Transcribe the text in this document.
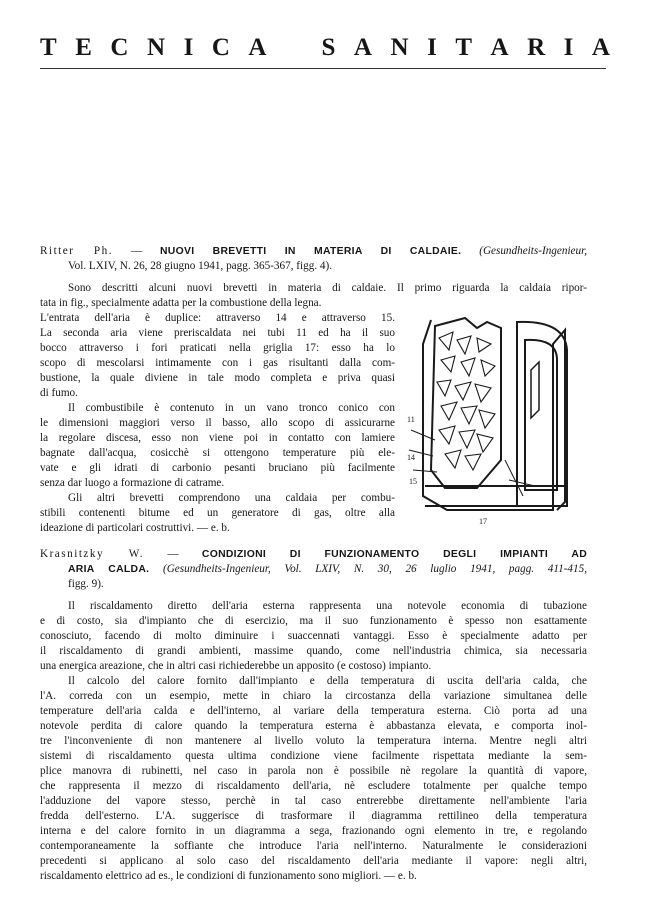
T E C N I C A S A N I T A R I A

Ritter Ph. — NUOVI BREVETTI IN MATERIA DI CALDAIE. (Gesundheits-Ingenieur,

Vol. LXIV, N. 26, 28 giugno 1941, pagg. 365-367, figg. 4).

Sono descritti alcuni nuovi brevetti in materia di caldaie. Il primo riguarda la caldaia ripor-

tata in fig., specialmente adatta per la combustione della legna.

L'entrata dell'aria è duplice: attraverso 14 e attraverso 15.

La seconda aria viene preriscaldata nei tubi 11 ed ha il suo

bocco attraverso i fori praticati nella griglia 17: esso ha lo

scopo di mescolarsi intimamente con i gas risultanti dalla com-

bustione, la quale diviene in tale modo completa e priva quasi

di fumo.

Il combustibile è contenuto in un vano tronco conico con

le dimensioni maggiori verso il basso, allo scopo di assicurarne

la regolare discesa, esso non viene poi in contatto con lamiere

bagnate dall'acqua, cosicchè si ottengono temperature più ele-

vate e gli idrati di carbonio pesanti bruciano più facilmente

senza dar luogo a formazione di catrame.

Gli altri brevetti comprendono una caldaia per combu-

stibili contenenti bitume ed un generatore di gas, oltre alla

ideazione di particolari costruttivi. — e. b.

11
14
15
17

Krasnitzky W. — CONDIZIONI DI FUNZIONAMENTO DEGLI IMPIANTI AD

ARIA CALDA. (Gesundheits-Ingenieur, Vol. LXIV, N. 30, 26 luglio 1941, pagg. 411-415,

figg. 9).

Il riscaldamento diretto dell'aria esterna rappresenta una notevole economia di tubazione

e di costo, sia d'impianto che di esercizio, ma il suo funzionamento è spesso non esattamente

conosciuto, facendo di molto diminuire i suaccennati vantaggi. Esso è specialmente adatto per

il riscaldamento di grandi ambienti, massime quando, come nell'industria chimica, sia necessaria

una energica areazione, che in altri casi richiederebbe un apposito (e costoso) impianto.

Il calcolo del calore fornito dall'impianto e della temperatura di uscita dell'aria calda, che

l'A. correda con un esempio, mette in chiaro la circostanza della variazione simultanea delle

temperature dell'aria calda e dell'interno, al variare della temperatura esterna. Ciò porta ad una

notevole perdita di calore quando la temperatura esterna è abbastanza elevata, e comporta inol-

tre l'inconveniente di non mantenere al livello voluto la temperatura interna. Mentre negli altri

sistemi di riscaldamento questa ultima condizione viene facilmente rispettata mediante la sem-

plice manovra di rubinetti, nel caso in parola non è possibile nè regolare la quantità di vapore,

che rappresenta il mezzo di riscaldamento dell'aria, nè escludere totalmente per qualche tempo

l'adduzione del vapore stesso, perchè in tal caso entrerebbe direttamente nell'ambiente l'aria

fredda dell'esterno. L'A. suggerisce di trasformare il diagramma rettilineo della temperatura

interna e del calore fornito in un diagramma a sega, frazionando ogni elemento in tre, e regolando

contemporaneamente la soffiante che introduce l'aria nell'interno. Naturalmente le considerazioni

precedenti si applicano al solo caso del riscaldamento dell'aria mediante il vapore: negli altri,

riscaldamento elettrico ad es., le condizioni di funzionamento sono migliori. — e. b.
